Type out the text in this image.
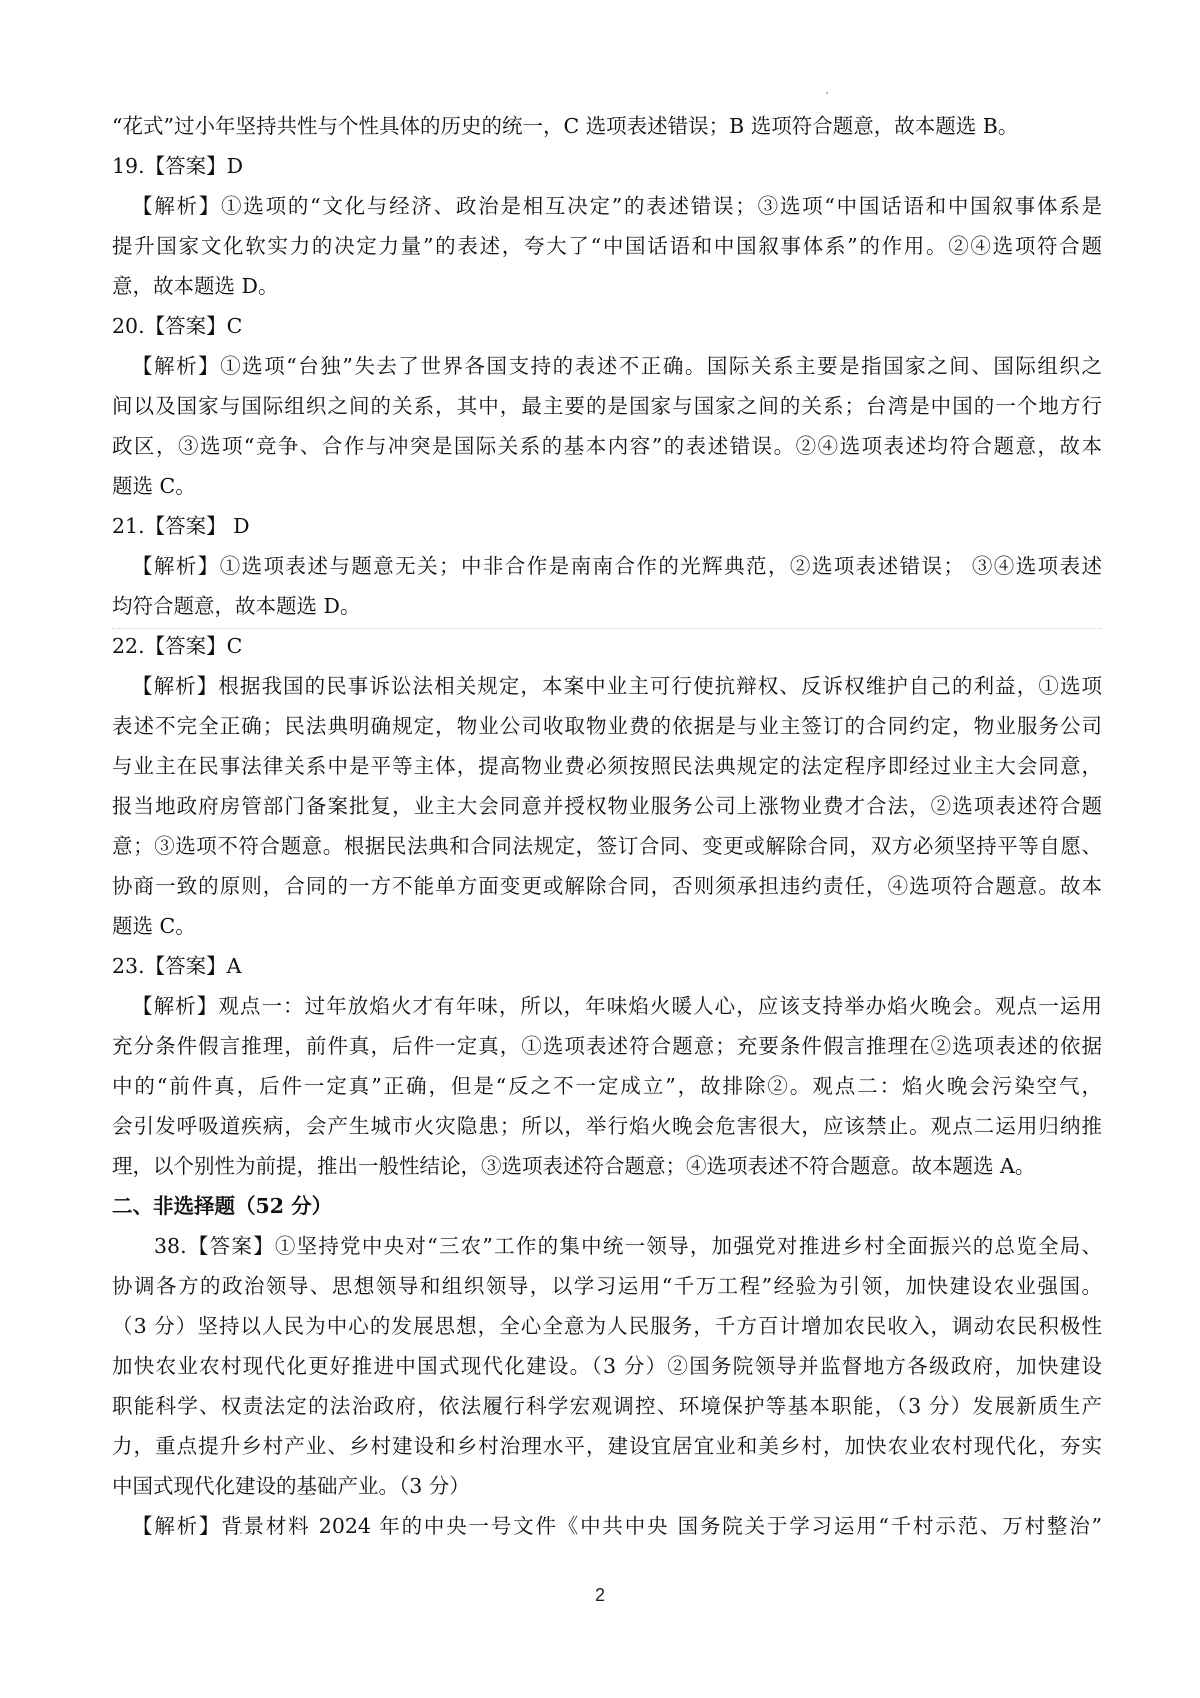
“花式”过小年坚持共性与个性具体的历史的统一，C 选项表述错误；B 选项符合题意，故本题选 B。
19.【答案】D
【解析】①选项的“文化与经济、政治是相互决定”的表述错误；③选项“中国话语和中国叙事体系是
提升国家文化软实力的决定力量”的表述，夸大了“中国话语和中国叙事体系”的作用。②④选项符合题
意，故本题选 D。
20.【答案】C
【解析】①选项“台独”失去了世界各国支持的表述不正确。国际关系主要是指国家之间、国际组织之
间以及国家与国际组织之间的关系，其中，最主要的是国家与国家之间的关系；台湾是中国的一个地方行
政区，③选项“竞争、合作与冲突是国际关系的基本内容”的表述错误。②④选项表述均符合题意，故本
题选 C。
21.【答案】 D
【解析】①选项表述与题意无关；中非合作是南南合作的光辉典范，②选项表述错误； ③④选项表述
均符合题意，故本题选 D。
22.【答案】C
【解析】根据我国的民事诉讼法相关规定，本案中业主可行使抗辩权、反诉权维护自己的利益，①选项
表述不完全正确；民法典明确规定，物业公司收取物业费的依据是与业主签订的合同约定，物业服务公司
与业主在民事法律关系中是平等主体，提高物业费必须按照民法典规定的法定程序即经过业主大会同意，
报当地政府房管部门备案批复，业主大会同意并授权物业服务公司上涨物业费才合法，②选项表述符合题
意；③选项不符合题意。根据民法典和合同法规定，签订合同、变更或解除合同，双方必须坚持平等自愿、
协商一致的原则，合同的一方不能单方面变更或解除合同，否则须承担违约责任，④选项符合题意。故本
题选 C。
23.【答案】A
【解析】观点一：过年放焰火才有年味，所以，年味焰火暖人心，应该支持举办焰火晚会。观点一运用
充分条件假言推理，前件真，后件一定真，①选项表述符合题意；充要条件假言推理在②选项表述的依据
中的“前件真，后件一定真”正确，但是“反之不一定成立”，故排除②。观点二：焰火晚会污染空气，
会引发呼吸道疾病，会产生城市火灾隐患；所以，举行焰火晚会危害很大，应该禁止。观点二运用归纳推
理，以个别性为前提，推出一般性结论，③选项表述符合题意；④选项表述不符合题意。故本题选 A。
二、非选择题（52 分）
38.【答案】①坚持党中央对“三农”工作的集中统一领导，加强党对推进乡村全面振兴的总览全局、
协调各方的政治领导、思想领导和组织领导，以学习运用“千万工程”经验为引领，加快建设农业强国。
（3 分）坚持以人民为中心的发展思想，全心全意为人民服务，千方百计增加农民收入，调动农民积极性
加快农业农村现代化更好推进中国式现代化建设。（3 分）②国务院领导并监督地方各级政府，加快建设
职能科学、权责法定的法治政府，依法履行科学宏观调控、环境保护等基本职能，（3 分）发展新质生产
力，重点提升乡村产业、乡村建设和乡村治理水平，建设宜居宜业和美乡村，加快农业农村现代化，夯实
中国式现代化建设的基础产业。（3 分）
【解析】背景材料 2024 年的中央一号文件《中共中央 国务院关于学习运用“千村示范、万村整治”
2
